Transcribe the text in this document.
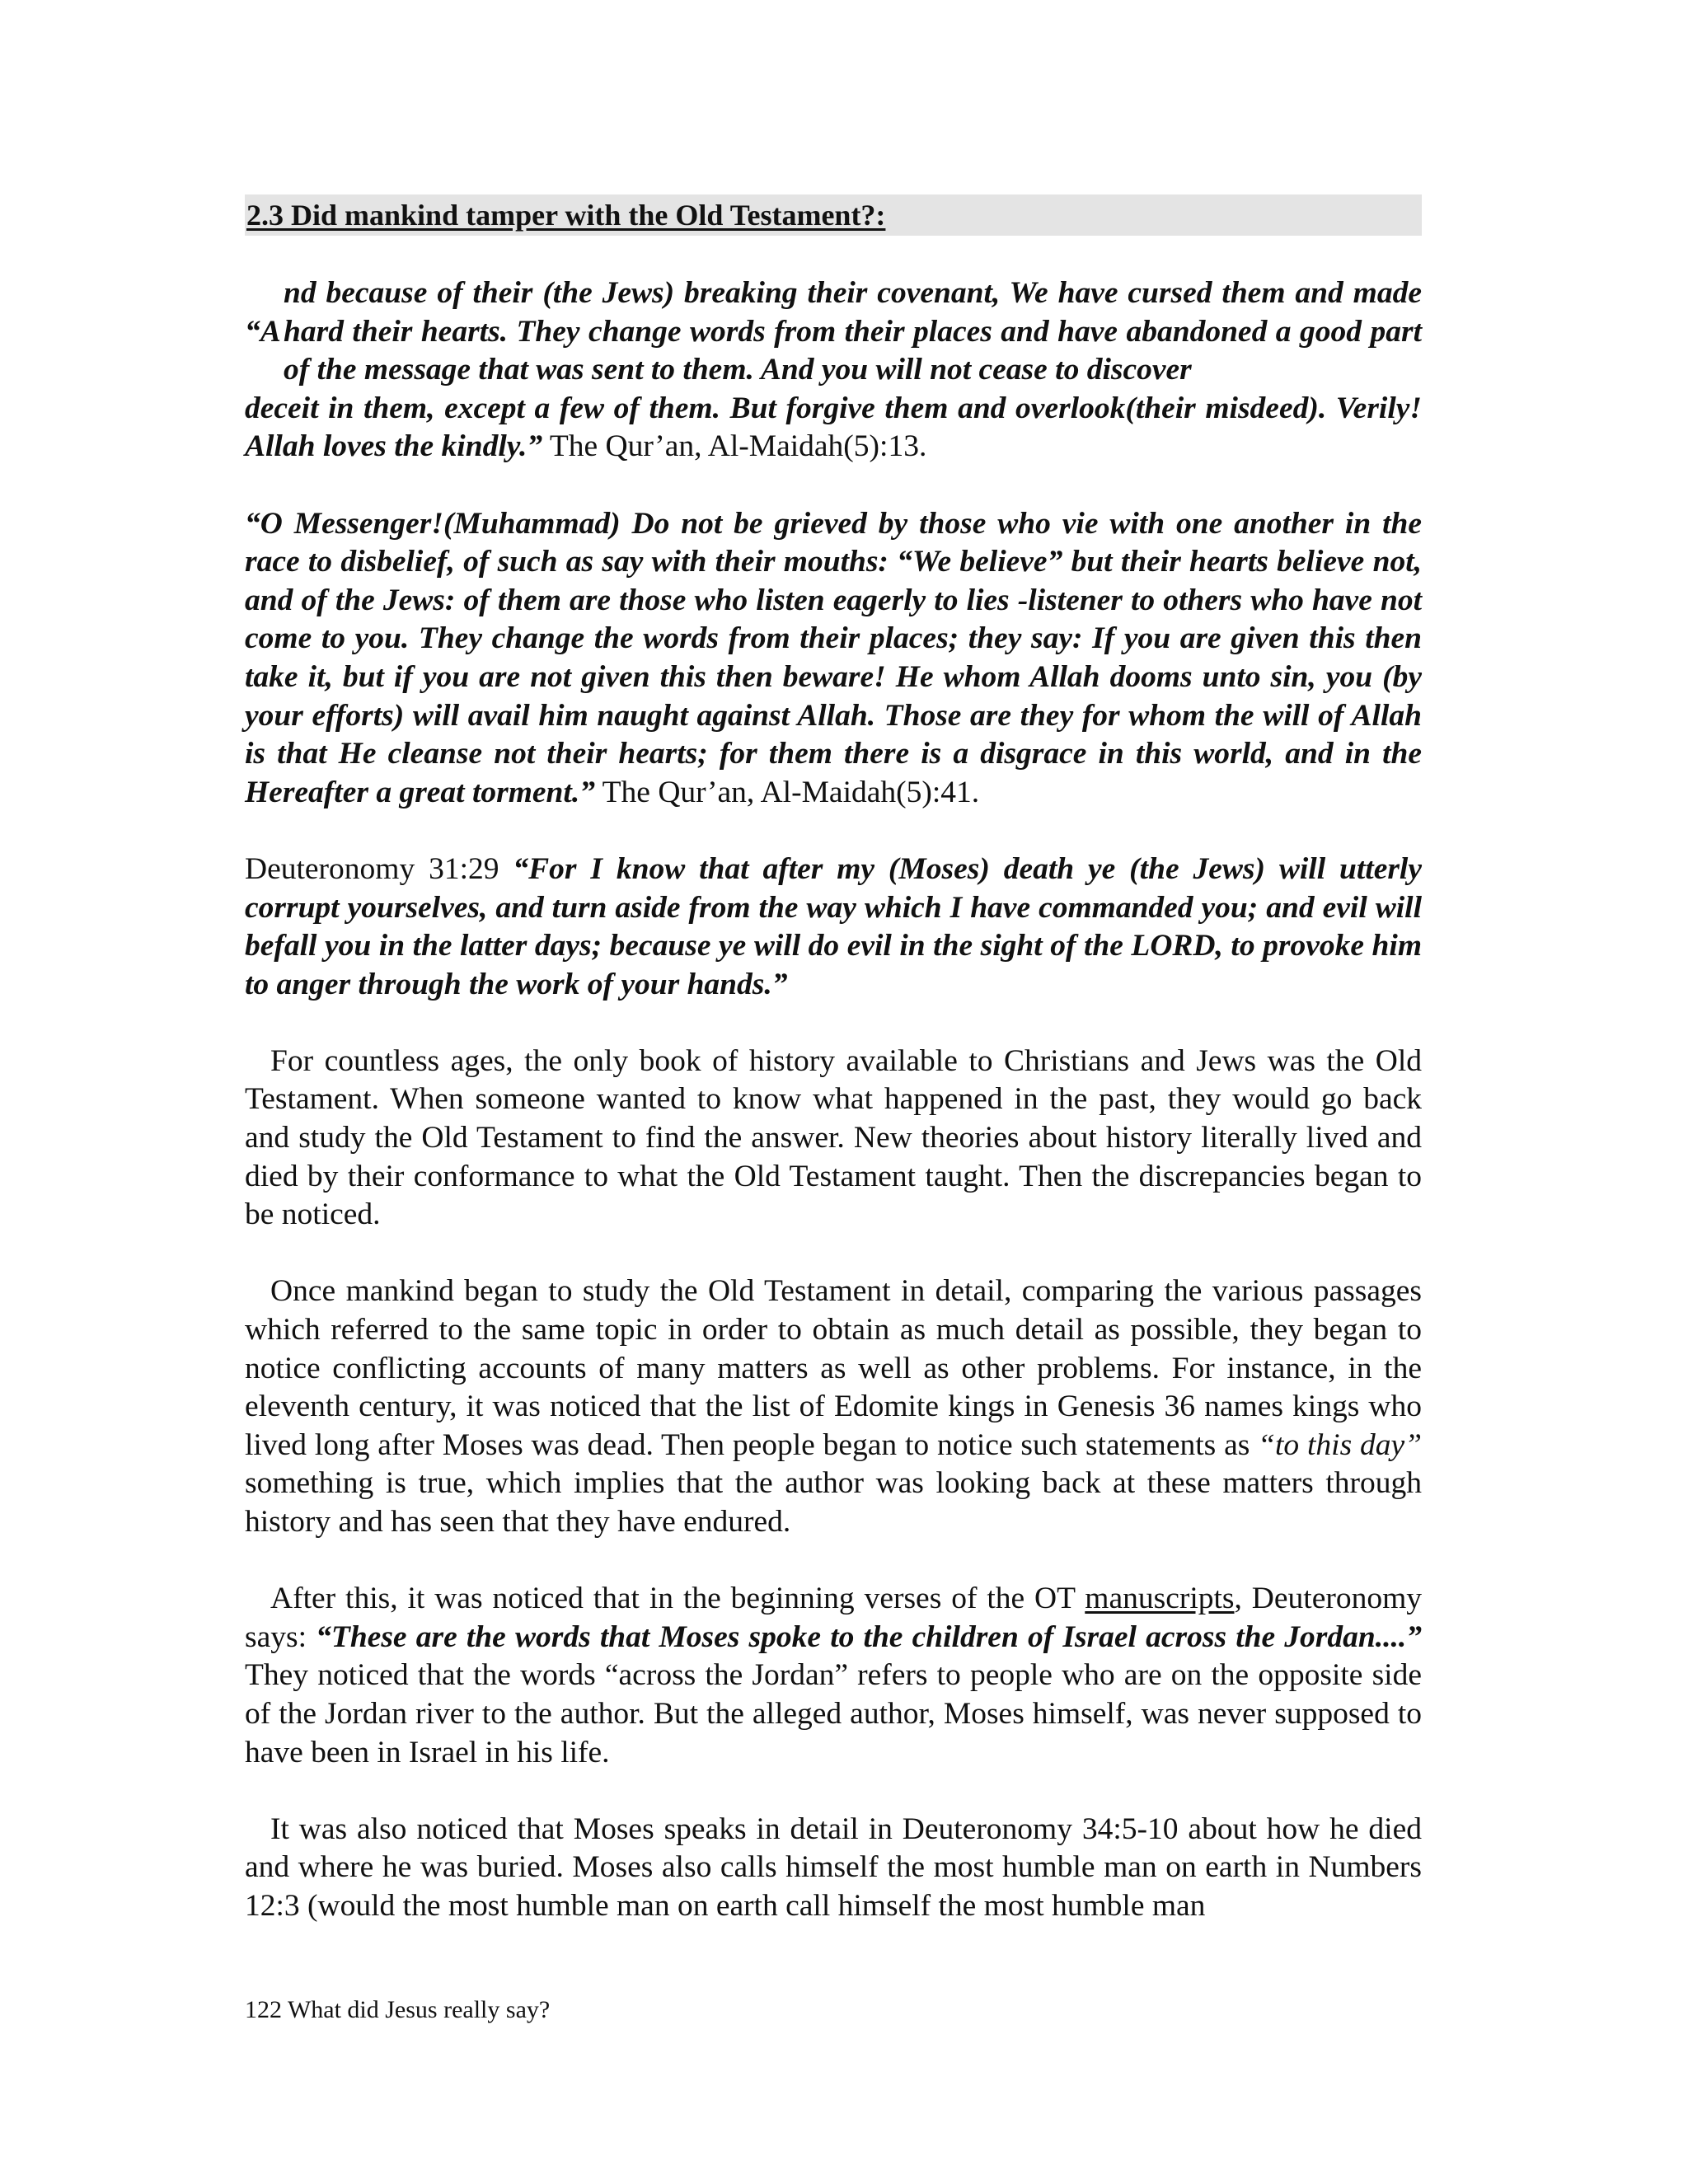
2.3 Did mankind tamper with the Old Testament?:
“A

nd because of their (the Jews) breaking their covenant, We have cursed them and made hard their hearts. They change words from their places and have abandoned a good part of the message that was sent to them. And you will not cease to discover

deceit in them, except a few of them. But forgive them and overlook(their misdeed). Verily! Allah loves the kindly.” The Qur’an, Al-Maidah(5):13.

“O Messenger!(Muhammad) Do not be grieved by those who vie with one another in the race to disbelief, of such as say with their mouths: “We believe” but their hearts believe not, and of the Jews: of them are those who listen eagerly to lies -listener to others who have not come to you. They change the words from their places; they say: If you are given this then take it, but if you are not given this then beware! He whom Allah dooms unto sin, you (by your efforts) will avail him naught against Allah. Those are they for whom the will of Allah is that He cleanse not their hearts; for them there is a disgrace in this world, and in the Hereafter a great torment.” The Qur’an, Al-Maidah(5):41.

Deuteronomy 31:29 “For I know that after my (Moses) death ye (the Jews) will utterly corrupt yourselves, and turn aside from the way which I have commanded you; and evil will befall you in the latter days; because ye will do evil in the sight of the LORD, to provoke him to anger through the work of your hands.”

For countless ages, the only book of history available to Christians and Jews was the Old Testament. When someone wanted to know what happened in the past, they would go back and study the Old Testament to find the answer. New theories about history literally lived and died by their conformance to what the Old Testament taught. Then the discrepancies began to be noticed.

Once mankind began to study the Old Testament in detail, comparing the various passages which referred to the same topic in order to obtain as much detail as possible, they began to notice conflicting accounts of many matters as well as other problems. For instance, in the eleventh century, it was noticed that the list of Edomite kings in Genesis 36 names kings who lived long after Moses was dead. Then people began to notice such statements as “to this day” something is true, which implies that the author was looking back at these matters through history and has seen that they have endured.

After this, it was noticed that in the beginning verses of the OT manuscripts, Deuteronomy says: “These are the words that Moses spoke to the children of Israel across the Jordan....” They noticed that the words “across the Jordan” refers to people who are on the opposite side of the Jordan river to the author. But the alleged author, Moses himself, was never supposed to have been in Israel in his life.

It was also noticed that Moses speaks in detail in Deuteronomy 34:5-10 about how he died and where he was buried. Moses also calls himself the most humble man on earth in Numbers 12:3 (would the most humble man on earth call himself the most humble man

122 What did Jesus really say?
